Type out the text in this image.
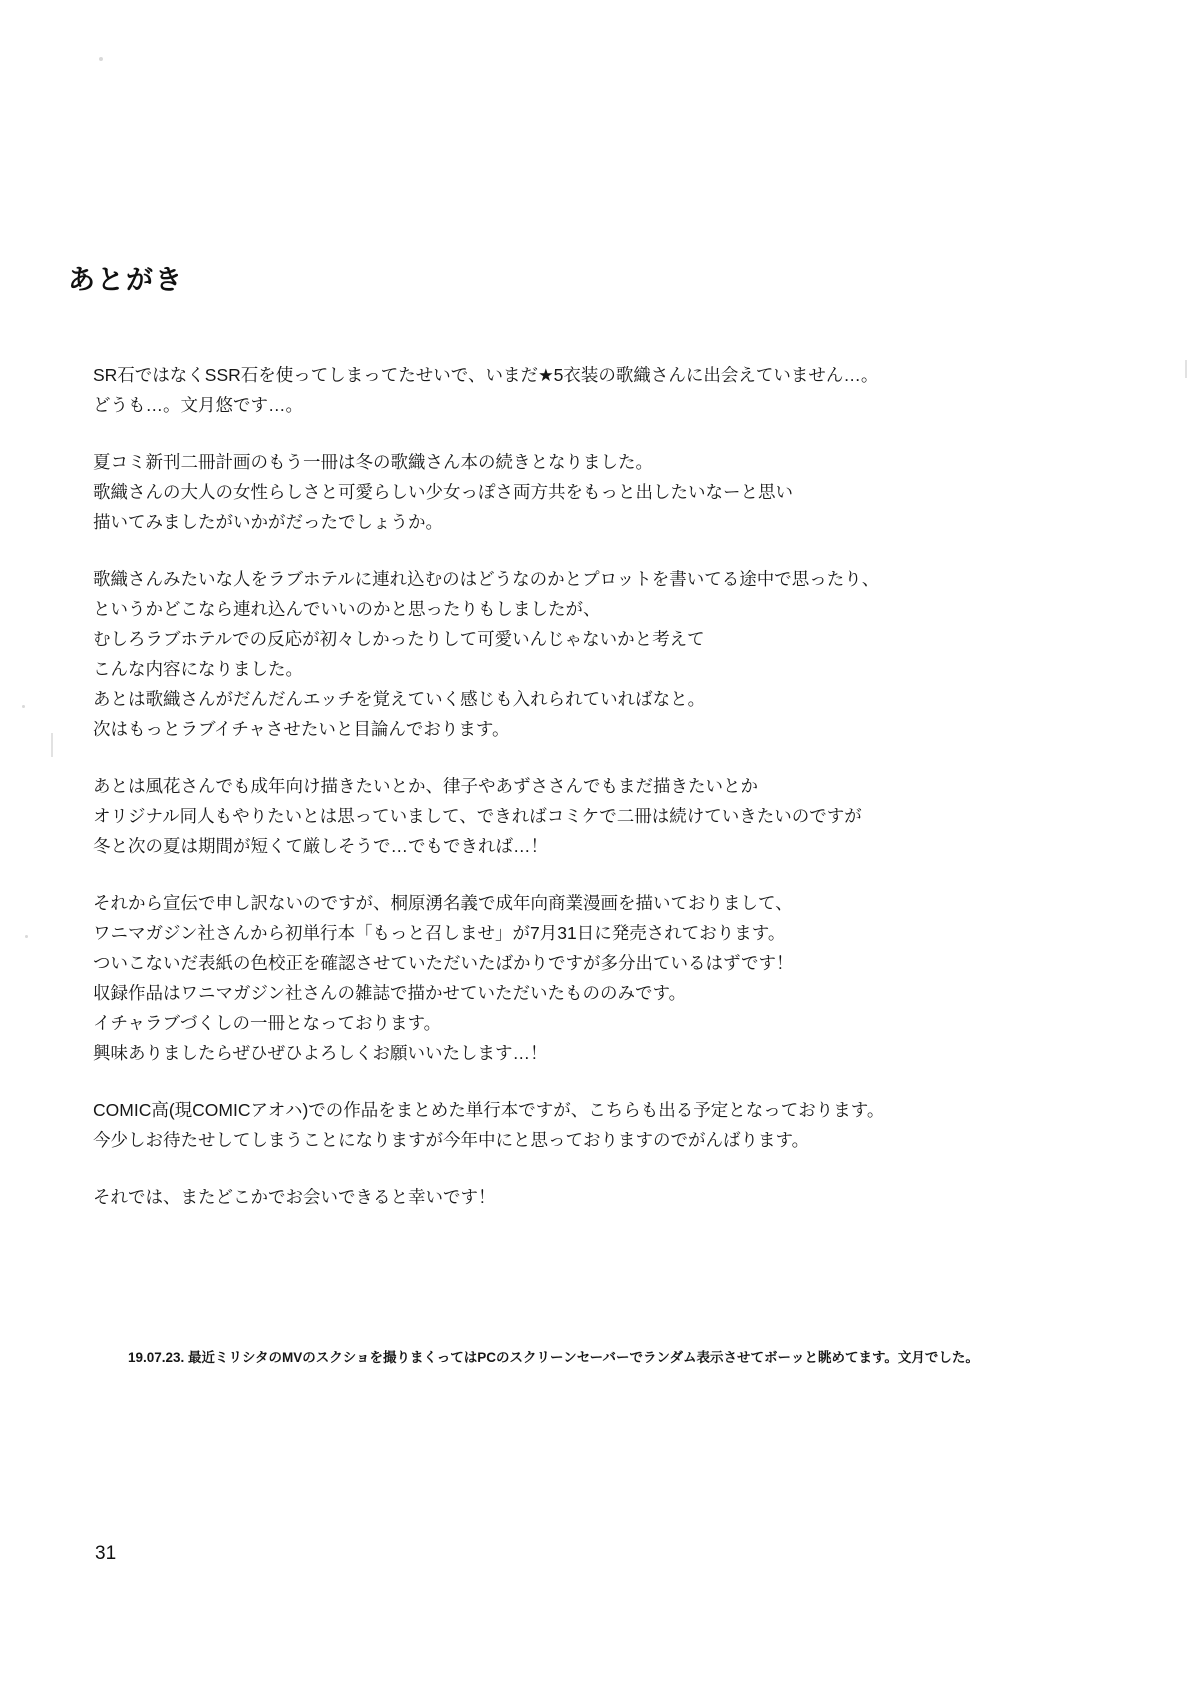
あとがき

SR石ではなくSSR石を使ってしまってたせいで、いまだ★5衣装の歌織さんに出会えていません…。
どうも…。文月悠です…。

夏コミ新刊二冊計画のもう一冊は冬の歌織さん本の続きとなりました。
歌織さんの大人の女性らしさと可愛らしい少女っぽさ両方共をもっと出したいなーと思い
描いてみましたがいかがだったでしょうか。

歌織さんみたいな人をラブホテルに連れ込むのはどうなのかとプロットを書いてる途中で思ったり、
というかどこなら連れ込んでいいのかと思ったりもしましたが、
むしろラブホテルでの反応が初々しかったりして可愛いんじゃないかと考えて
こんな内容になりました。
あとは歌織さんがだんだんエッチを覚えていく感じも入れられていればなと。
次はもっとラブイチャさせたいと目論んでおります。

あとは風花さんでも成年向け描きたいとか、律子やあずささんでもまだ描きたいとか
オリジナル同人もやりたいとは思っていまして、できればコミケで二冊は続けていきたいのですが
冬と次の夏は期間が短くて厳しそうで…でもできれば…！

それから宣伝で申し訳ないのですが、桐原湧名義で成年向商業漫画を描いておりまして、
ワニマガジン社さんから初単行本「もっと召しませ」が7月31日に発売されております。
ついこないだ表紙の色校正を確認させていただいたばかりですが多分出ているはずです！
収録作品はワニマガジン社さんの雑誌で描かせていただいたもののみです。
イチャラブづくしの一冊となっております。
興味ありましたらぜひぜひよろしくお願いいたします…！

COMIC高(現COMICアオハ)での作品をまとめた単行本ですが、こちらも出る予定となっております。
今少しお待たせしてしまうことになりますが今年中にと思っておりますのでがんばります。

それでは、またどこかでお会いできると幸いです！

19.07.23. 最近ミリシタのMVのスクショを撮りまくってはPCのスクリーンセーバーでランダム表示させてボーッと眺めてます。文月でした。
31
